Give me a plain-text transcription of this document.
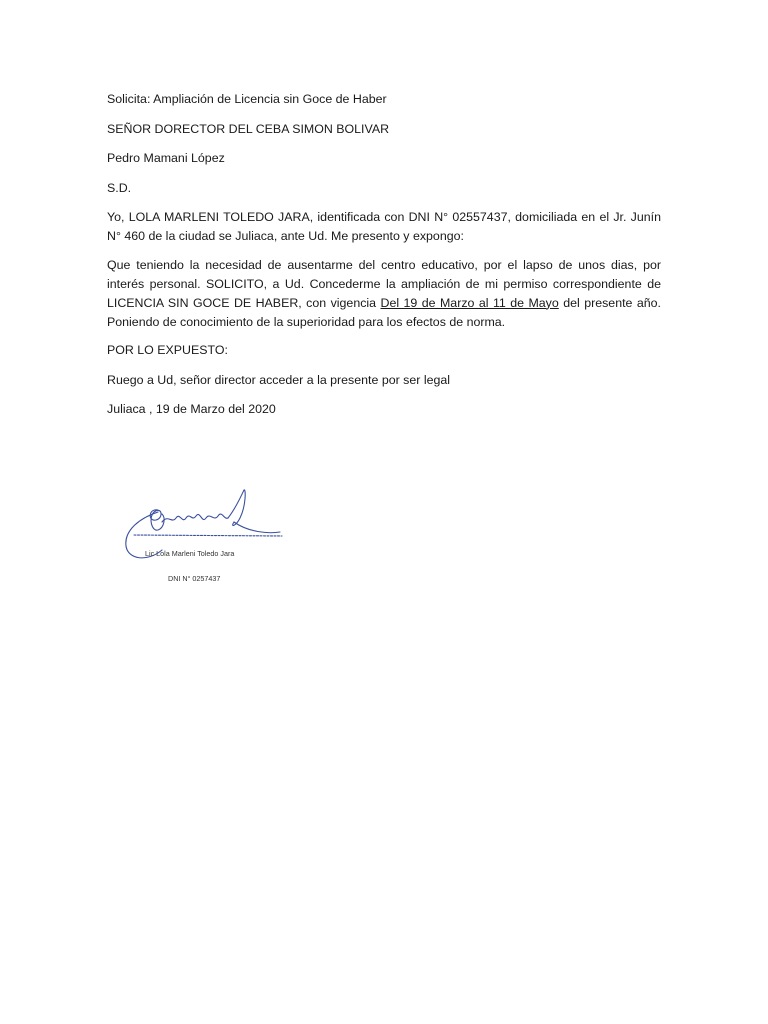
Solicita: Ampliación de Licencia sin Goce de Haber

SEÑOR DORECTOR DEL CEBA SIMON BOLIVAR

Pedro Mamani López

S.D.

Yo, LOLA MARLENI TOLEDO JARA, identificada con DNI N° 02557437, domiciliada en el Jr. Junín N° 460 de la ciudad se Juliaca, ante Ud. Me presento y expongo:

Que teniendo la necesidad de ausentarme del centro educativo, por el lapso de unos dias, por interés personal. SOLICITO, a Ud. Concederme la ampliación de mi permiso correspondiente de LICENCIA SIN GOCE DE HABER, con vigencia Del 19 de Marzo al 11 de Mayo del presente año. Poniendo de conocimiento de la superioridad para los efectos de norma.

POR LO EXPUESTO:

Ruego a Ud, señor director acceder a la presente por ser legal

Juliaca , 19 de Marzo del 2020

Lic Lola Marleni Toledo Jara
DNI N° 0257437
